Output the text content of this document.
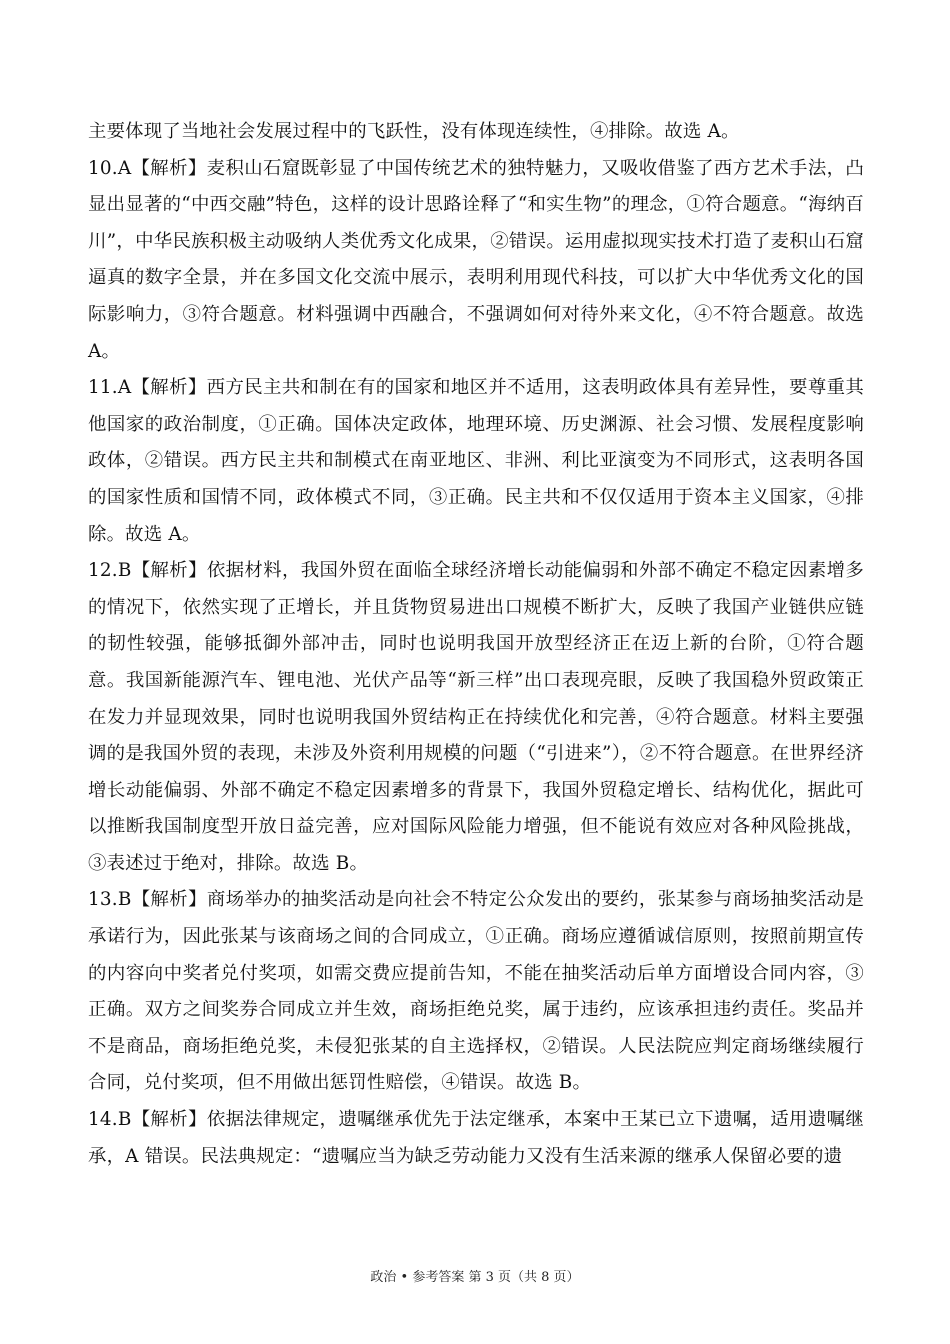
主要体现了当地社会发展过程中的飞跃性，没有体现连续性，④排除。故选 A。

10.A【解析】麦积山石窟既彰显了中国传统艺术的独特魅力，又吸收借鉴了西方艺术手法，凸显出显著的“中西交融”特色，这样的设计思路诠释了“和实生物”的理念，①符合题意。“海纳百川”，中华民族积极主动吸纳人类优秀文化成果，②错误。运用虚拟现实技术打造了麦积山石窟逼真的数字全景，并在多国文化交流中展示，表明利用现代科技，可以扩大中华优秀文化的国际影响力，③符合题意。材料强调中西融合，不强调如何对待外来文化，④不符合题意。故选 A。

11.A【解析】西方民主共和制在有的国家和地区并不适用，这表明政体具有差异性，要尊重其他国家的政治制度，①正确。国体决定政体，地理环境、历史渊源、社会习惯、发展程度影响政体，②错误。西方民主共和制模式在南亚地区、非洲、利比亚演变为不同形式，这表明各国的国家性质和国情不同，政体模式不同，③正确。民主共和不仅仅适用于资本主义国家，④排除。故选 A。

12.B【解析】依据材料，我国外贸在面临全球经济增长动能偏弱和外部不确定不稳定因素增多的情况下，依然实现了正增长，并且货物贸易进出口规模不断扩大，反映了我国产业链供应链的韧性较强，能够抵御外部冲击，同时也说明我国开放型经济正在迈上新的台阶，①符合题意。我国新能源汽车、锂电池、光伏产品等“新三样”出口表现亮眼，反映了我国稳外贸政策正在发力并显现效果，同时也说明我国外贸结构正在持续优化和完善，④符合题意。材料主要强调的是我国外贸的表现，未涉及外资利用规模的问题（“引进来”），②不符合题意。在世界经济增长动能偏弱、外部不确定不稳定因素增多的背景下，我国外贸稳定增长、结构优化，据此可以推断我国制度型开放日益完善，应对国际风险能力增强，但不能说有效应对各种风险挑战，③表述过于绝对，排除。故选 B。

13.B【解析】商场举办的抽奖活动是向社会不特定公众发出的要约，张某参与商场抽奖活动是承诺行为，因此张某与该商场之间的合同成立，①正确。商场应遵循诚信原则，按照前期宣传的内容向中奖者兑付奖项，如需交费应提前告知，不能在抽奖活动后单方面增设合同内容，③正确。双方之间奖券合同成立并生效，商场拒绝兑奖，属于违约，应该承担违约责任。奖品并不是商品，商场拒绝兑奖，未侵犯张某的自主选择权，②错误。人民法院应判定商场继续履行合同，兑付奖项，但不用做出惩罚性赔偿，④错误。故选 B。

14.B【解析】依据法律规定，遗嘱继承优先于法定继承，本案中王某已立下遗嘱，适用遗嘱继承，A 错误。民法典规定：“遗嘱应当为缺乏劳动能力又没有生活来源的继承人保留必要的遗

政治 • 参考答案 第 3 页（共 8 页）
